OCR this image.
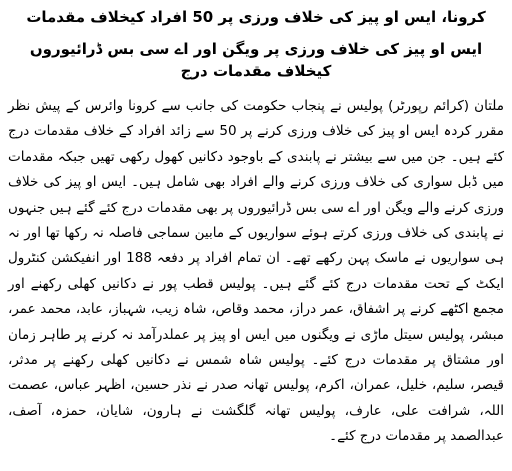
کرونا، ایس او پیز کی خلاف ورزی پر 50 افراد کیخلاف مقدمات
ایس او پیز کی خلاف ورزی پر ویگن اور اے سی بس ڈرائیوروں کیخلاف مقدمات درج

ملتان (کرائم رپورٹر) پولیس نے پنجاب حکومت کی جانب سے کرونا وائرس کے پیش نظر مقرر کردہ ایس او پیز کی خلاف ورزی کرنے پر 50 سے زائد افراد کے خلاف مقدمات درج کئے ہیں۔ جن میں سے بیشتر نے پابندی کے باوجود دکانیں کھول رکھی تھیں جبکہ مقدمات میں ڈبل سواری کی خلاف ورزی کرنے والے افراد بھی شامل ہیں۔ ایس او پیز کی خلاف ورزی کرنے والے ویگن اور اے سی بس ڈرائیوروں پر بھی مقدمات درج کئے گئے ہیں جنہوں نے پابندی کی خلاف ورزی کرتے ہوئے سواریوں کے مابین سماجی فاصلہ نہ رکھا تھا اور نہ ہی سواریوں نے ماسک پہن رکھے تھے۔ ان تمام افراد پر دفعہ 188 اور انفیکشن کنٹرول ایکٹ کے تحت مقدمات درج کئے گئے ہیں۔ پولیس قطب پور نے دکانیں کھلی رکھنے اور مجمع اکٹھے کرنے پر اشفاق، عمر دراز، محمد وقاص، شاہ زیب، شہباز، عابد، محمد عمر، مبشر، پولیس سیتل ماڑی نے ویگنوں میں ایس او پیز پر عملدرآمد نہ کرنے پر طاہر زمان اور مشتاق پر مقدمات درج کئے۔ پولیس شاہ شمس نے دکانیں کھلی رکھنے پر مدثر، قیصر، سلیم، خلیل، عمران، اکرم، پولیس تھانہ صدر نے نذر حسین، اظہر عباس، عصمت اللہ، شرافت علی، عارف، پولیس تھانہ گلگشت نے ہارون، شایان، حمزہ، آصف، عبدالصمد پر مقدمات درج کئے۔
